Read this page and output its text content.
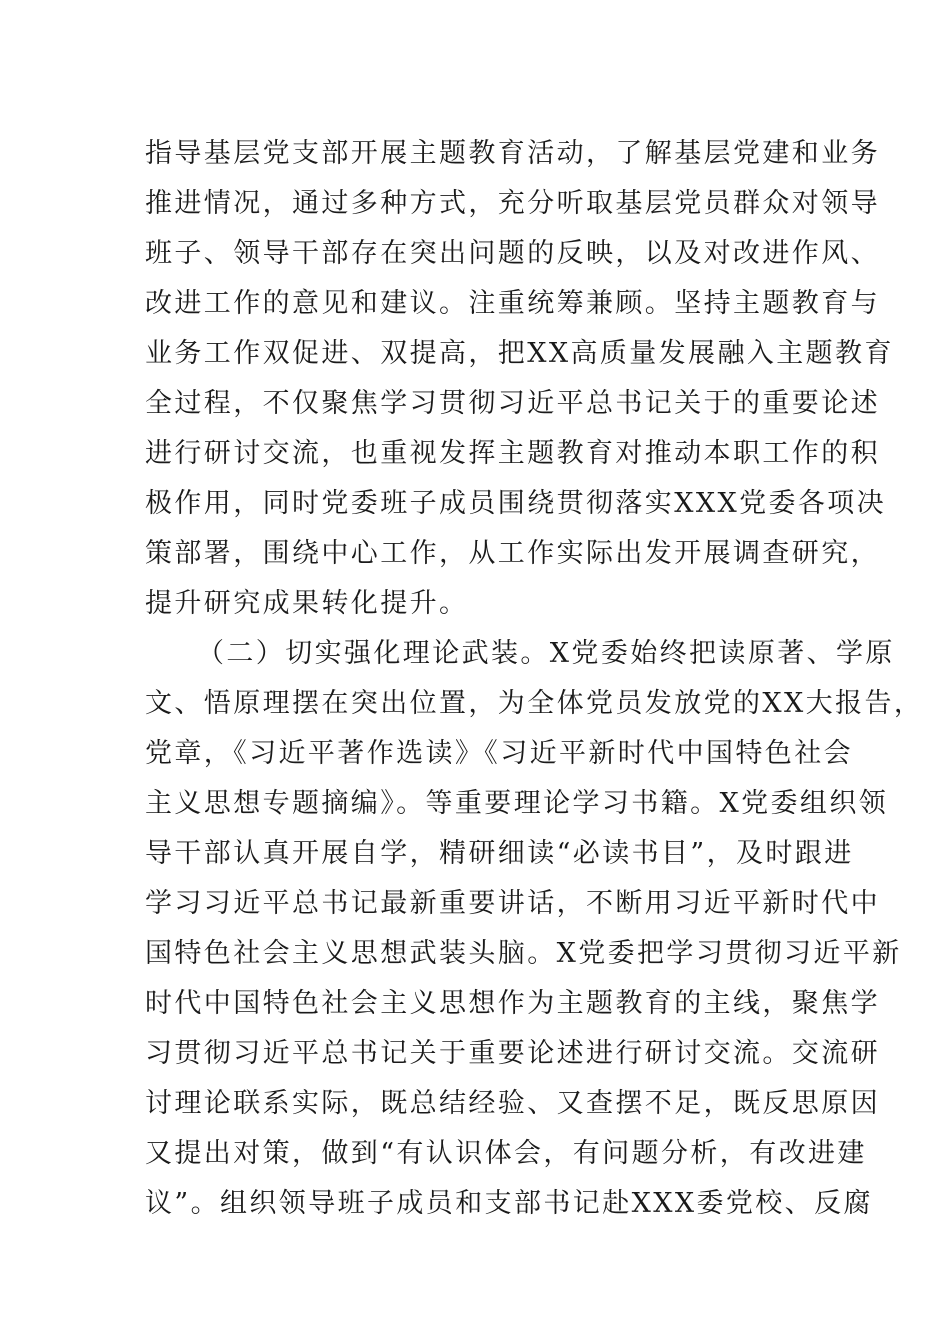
指导基层党支部开展主题教育活动，了解基层党建和业务
推进情况，通过多种方式，充分听取基层党员群众对领导
班子、领导干部存在突出问题的反映，以及对改进作风、
改进工作的意见和建议。注重统筹兼顾。坚持主题教育与
业务工作双促进、双提高，把XX高质量发展融入主题教育
全过程，不仅聚焦学习贯彻习近平总书记关于的重要论述
进行研讨交流，也重视发挥主题教育对推动本职工作的积
极作用，同时党委班子成员围绕贯彻落实XXX党委各项决
策部署，围绕中心工作，从工作实际出发开展调查研究，
提升研究成果转化提升。
（二）切实强化理论武装。X党委始终把读原著、学原
文、悟原理摆在突出位置，为全体党员发放党的XX大报告，
党章，《习近平著作选读》《习近平新时代中国特色社会
主义思想专题摘编》。等重要理论学习书籍。X党委组织领
导干部认真开展自学，精研细读“必读书目”，及时跟进
学习习近平总书记最新重要讲话，不断用习近平新时代中
国特色社会主义思想武装头脑。X党委把学习贯彻习近平新
时代中国特色社会主义思想作为主题教育的主线，聚焦学
习贯彻习近平总书记关于重要论述进行研讨交流。交流研
讨理论联系实际，既总结经验、又查摆不足，既反思原因
又提出对策，做到“有认识体会，有问题分析，有改进建
议”。组织领导班子成员和支部书记赴XXX委党校、反腐
